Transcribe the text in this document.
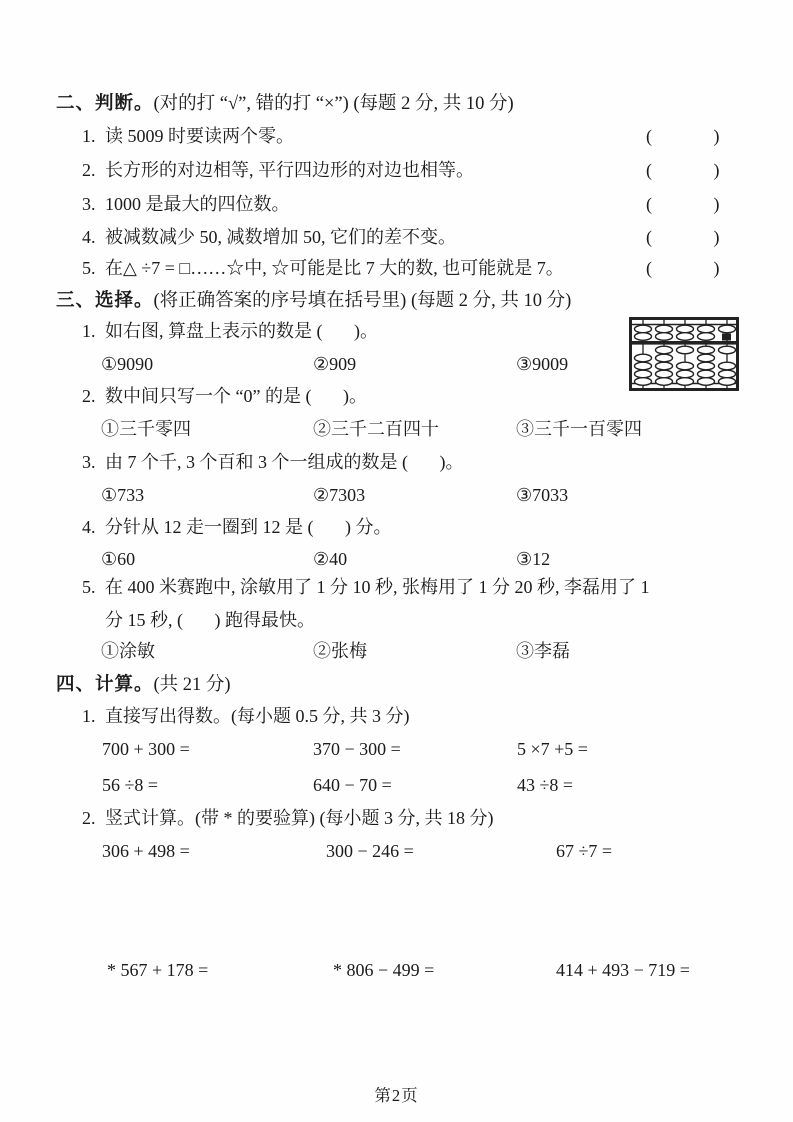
二、判断。(对的打 “√”, 错的打 “×”) (每题 2 分, 共 10 分)
1. 读 5009 时要读两个零。	(           )
2. 长方形的对边相等, 平行四边形的对边也相等。	(           )
3. 1000 是最大的四位数。	(           )
4. 被减数减少 50, 减数增加 50, 它们的差不变。	(           )
5. 在△ ÷7 = □……☆中, ☆可能是比 7 大的数, 也可能就是 7。	(           )
三、选择。(将正确答案的序号填在括号里) (每题 2 分, 共 10 分)
1. 如右图, 算盘上表示的数是 (       )。
①9090	②909	③9009
2. 数中间只写一个 “0” 的是 (       )。
①三千零四	②三千二百四十	③三千一百零四
3. 由 7 个千, 3 个百和 3 个一组成的数是 (       )。
①733	②7303	③7033
4. 分针从 12 走一圈到 12 是 (       ) 分。
①60	②40	③12
5. 在 400 米赛跑中, 涂敏用了 1 分 10 秒, 张梅用了 1 分 20 秒, 李磊用了 1
分 15 秒, (       ) 跑得最快。
①涂敏	②张梅	③李磊
四、计算。(共 21 分)
1. 直接写出得数。(每小题 0.5 分, 共 3 分)
700 + 300 =	370 − 300 =	5 ×7 +5 =
56 ÷8 =	640 − 70 =	43 ÷8 =
2. 竖式计算。(带 * 的要验算) (每小题 3 分, 共 18 分)
306 + 498 =	300 − 246 =	67 ÷7 =
* 567 + 178 =	* 806 − 499 =	414 + 493 − 719 =
第2页
